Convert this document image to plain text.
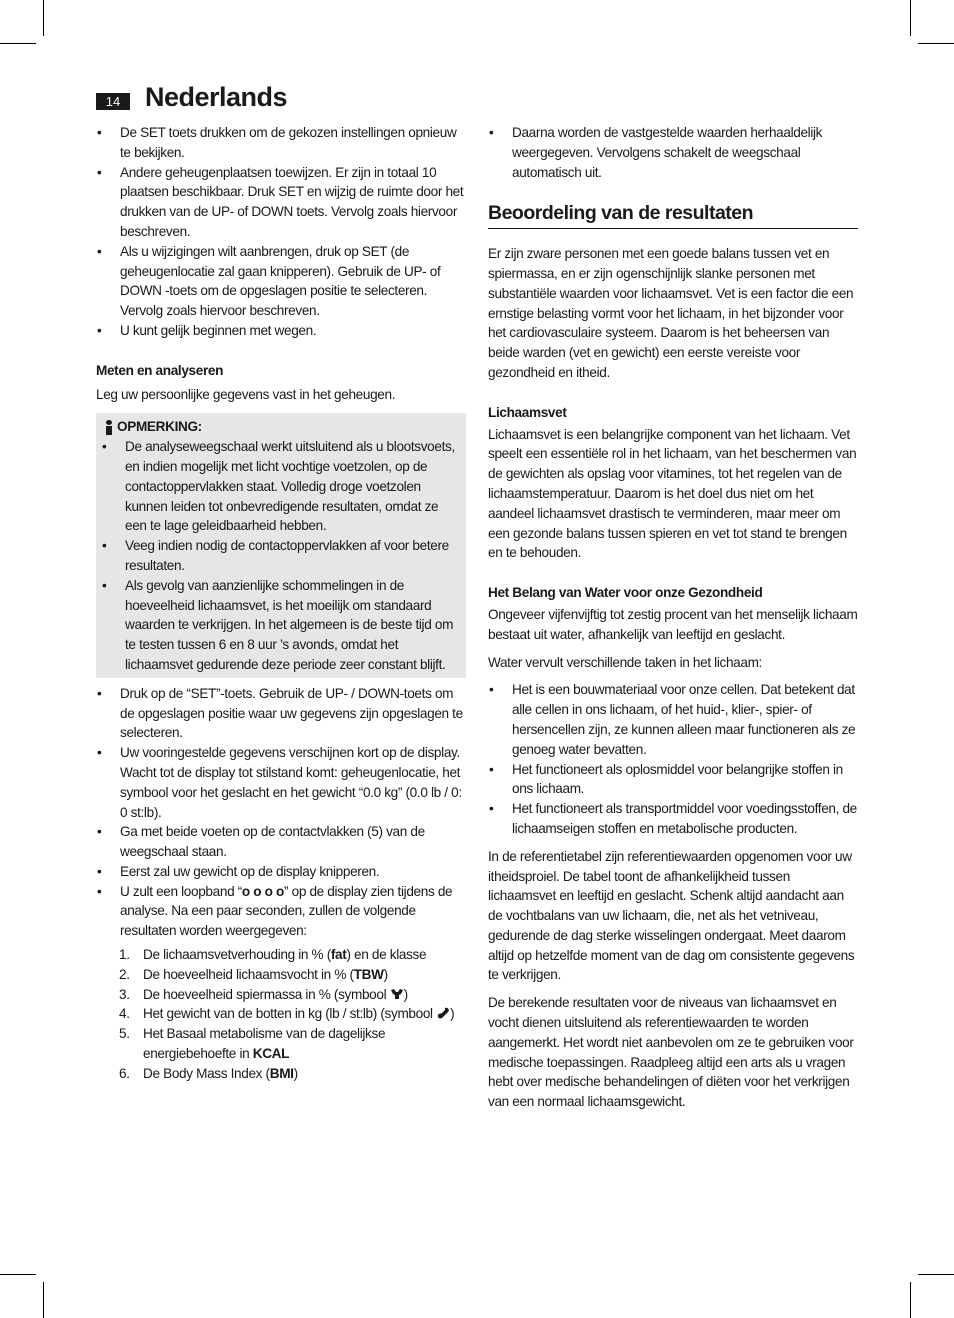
14 Nederlands
• De SET toets drukken om de gekozen instellingen opnieuw te bekijken.
• Andere geheugenplaatsen toewijzen. Er zijn in totaal 10 plaatsen beschikbaar. Druk SET en wijzig de ruimte door het drukken van de UP- of DOWN toets. Vervolg zoals hiervoor beschreven.
• Als u wijzigingen wilt aanbrengen, druk op SET (de geheugenlocatie zal gaan knipperen). Gebruik de UP- of DOWN -toets om de opgeslagen positie te selecteren. Vervolg zoals hiervoor beschreven.
• U kunt gelijk beginnen met wegen.

Meten en analyseren

Leg uw persoonlijke gegevens vast in het geheugen.

OPMERKING:
• De analyseweegschaal werkt uitsluitend als u blootsvoets, en indien mogelijk met licht vochtige voetzolen, op de contactoppervlakken staat. Volledig droge voetzolen kunnen leiden tot onbevredigende resultaten, omdat ze een te lage geleidbaarheid hebben.
• Veeg indien nodig de contactoppervlakken af voor betere resultaten.
• Als gevolg van aanzienlijke schommelingen in de hoeveelheid lichaamsvet, is het moeilijk om standaard waarden te verkrijgen. In het algemeen is de beste tijd om te testen tussen 6 en 8 uur ’s avonds, omdat het lichaamsvet gedurende deze periode zeer constant blijft.
• Druk op de “SET”-toets. Gebruik de UP- / DOWN-toets om de opgeslagen positie waar uw gegevens zijn opgeslagen te selecteren.
• Uw vooringestelde gegevens verschijnen kort op de display. Wacht tot de display tot stilstand komt: geheugenlocatie, het symbool voor het geslacht en het gewicht “0.0 kg” (0.0 lb / 0: 0 st:lb).
• Ga met beide voeten op de contactvlakken (5) van de weegschaal staan.
• Eerst zal uw gewicht op de display knipperen.
• U zult een loopband “o o o o” op de display zien tijdens de analyse. Na een paar seconden, zullen de volgende resultaten worden weergegeven:
1. De lichaamsvetverhouding in % (fat) en de klasse
2. De hoeveelheid lichaamsvocht in % (TBW)
3. De hoeveelheid spiermassa in % (symbool )
4. Het gewicht van de botten in kg (lb / st:lb) (symbool )
5. Het Basaal metabolisme van de dagelijkse energiebehoefte in KCAL
6. De Body Mass Index (BMI)
• Daarna worden de vastgestelde waarden herhaaldelijk weergegeven. Vervolgens schakelt de weegschaal automatisch uit.
Beoordeling van de resultaten

Er zijn zware personen met een goede balans tussen vet en spiermassa, en er zijn ogenschijnlijk slanke personen met substantiële waarden voor lichaamsvet. Vet is een factor die een ernstige belasting vormt voor het lichaam, in het bijzonder voor het cardiovasculaire systeem. Daarom is het beheersen van beide warden (vet en gewicht) een eerste vereiste voor gezondheid en itheid.

Lichaamsvet

Lichaamsvet is een belangrijke component van het lichaam. Vet speelt een essentiële rol in het lichaam, van het beschermen van de gewichten als opslag voor vitamines, tot het regelen van de lichaamstemperatuur. Daarom is het doel dus niet om het aandeel lichaamsvet drastisch te verminderen, maar meer om een gezonde balans tussen spieren en vet tot stand te brengen en te behouden.

Het Belang van Water voor onze Gezondheid

Ongeveer vijfenvijftig tot zestig procent van het menselijk lichaam bestaat uit water, afhankelijk van leeftijd en geslacht.

Water vervult verschillende taken in het lichaam:

• Het is een bouwmateriaal voor onze cellen. Dat betekent dat alle cellen in ons lichaam, of het huid-, klier-, spier- of hersencellen zijn, ze kunnen alleen maar functioneren als ze genoeg water bevatten.
• Het functioneert als oplosmiddel voor belangrijke stoffen in ons lichaam.
• Het functioneert als transportmiddel voor voedingsstoffen, de lichaamseigen stoffen en metabolische producten.

In de referentietabel zijn referentiewaarden opgenomen voor uw itheidsproiel. De tabel toont de afhankelijkheid tussen lichaamsvet en leeftijd en geslacht. Schenk altijd aandacht aan de vochtbalans van uw lichaam, die, net als het vetniveau, gedurende de dag sterke wisselingen ondergaat. Meet daarom altijd op hetzelfde moment van de dag om consistente gegevens te verkrijgen.

De berekende resultaten voor de niveaus van lichaamsvet en vocht dienen uitsluitend als referentiewaarden te worden aangemerkt. Het wordt niet aanbevolen om ze te gebruiken voor medische toepassingen. Raadpleeg altijd een arts als u vragen hebt over medische behandelingen of diëten voor het verkrijgen van een normaal lichaamsgewicht.
